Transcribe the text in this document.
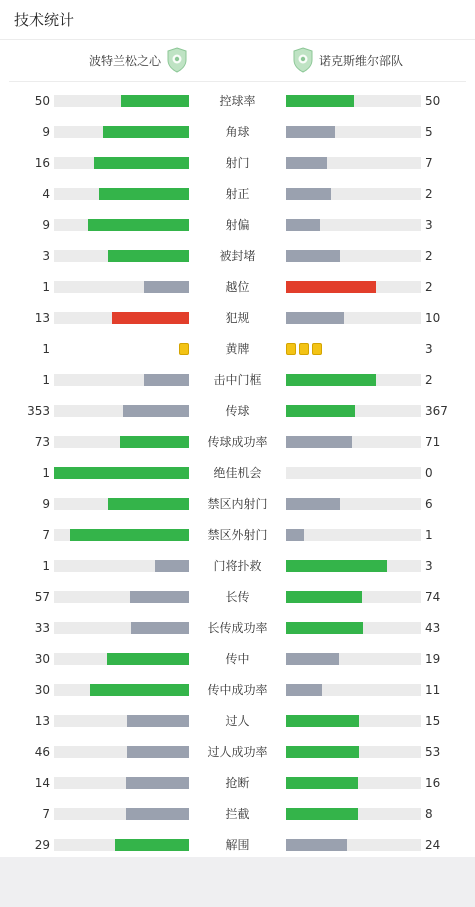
技术统计
波特兰松之心	诺克斯维尔部队
50	控球率	50
9	角球	5
16	射门	7
4	射正	2
9	射偏	3
3	被封堵	2
1	越位	2
13	犯规	10
1	黄牌	3
1	击中门框	2
353	传球	367
73	传球成功率	71
1	绝佳机会	0
9	禁区内射门	6
7	禁区外射门	1
1	门将扑救	3
57	长传	74
33	长传成功率	43
30	传中	19
30	传中成功率	11
13	过人	15
46	过人成功率	53
14	抢断	16
7	拦截	8
29	解围	24
